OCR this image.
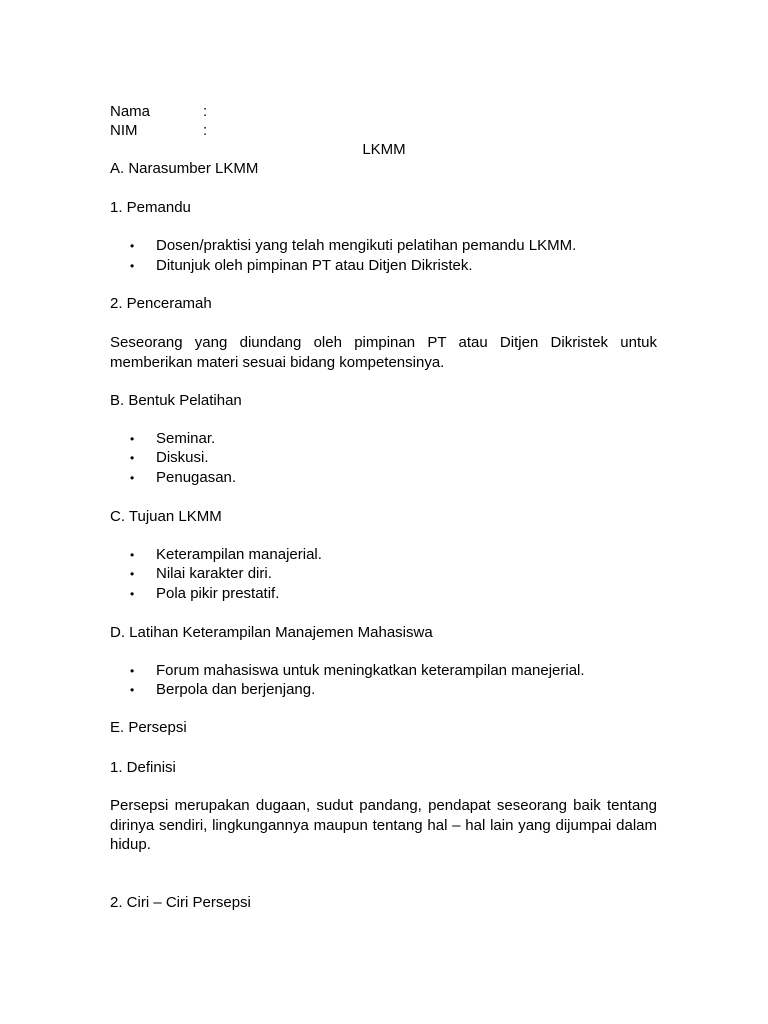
Nama	:
NIM	:
LKMM
A. Narasumber LKMM
1. Pemandu
• Dosen/praktisi yang telah mengikuti pelatihan pemandu LKMM.
• Ditunjuk oleh pimpinan PT atau Ditjen Dikristek.
2. Penceramah
Seseorang yang diundang oleh pimpinan PT atau Ditjen Dikristek untuk memberikan materi sesuai bidang kompetensinya.
B. Bentuk Pelatihan
• Seminar.
• Diskusi.
• Penugasan.
C. Tujuan LKMM
• Keterampilan manajerial.
• Nilai karakter diri.
• Pola pikir prestatif.
D. Latihan Keterampilan Manajemen Mahasiswa
• Forum mahasiswa untuk meningkatkan keterampilan manejerial.
• Berpola dan berjenjang.
E. Persepsi
1. Definisi
Persepsi merupakan dugaan, sudut pandang, pendapat seseorang baik tentang dirinya sendiri, lingkungannya maupun tentang hal – hal lain yang dijumpai dalam hidup.
2. Ciri – Ciri Persepsi
